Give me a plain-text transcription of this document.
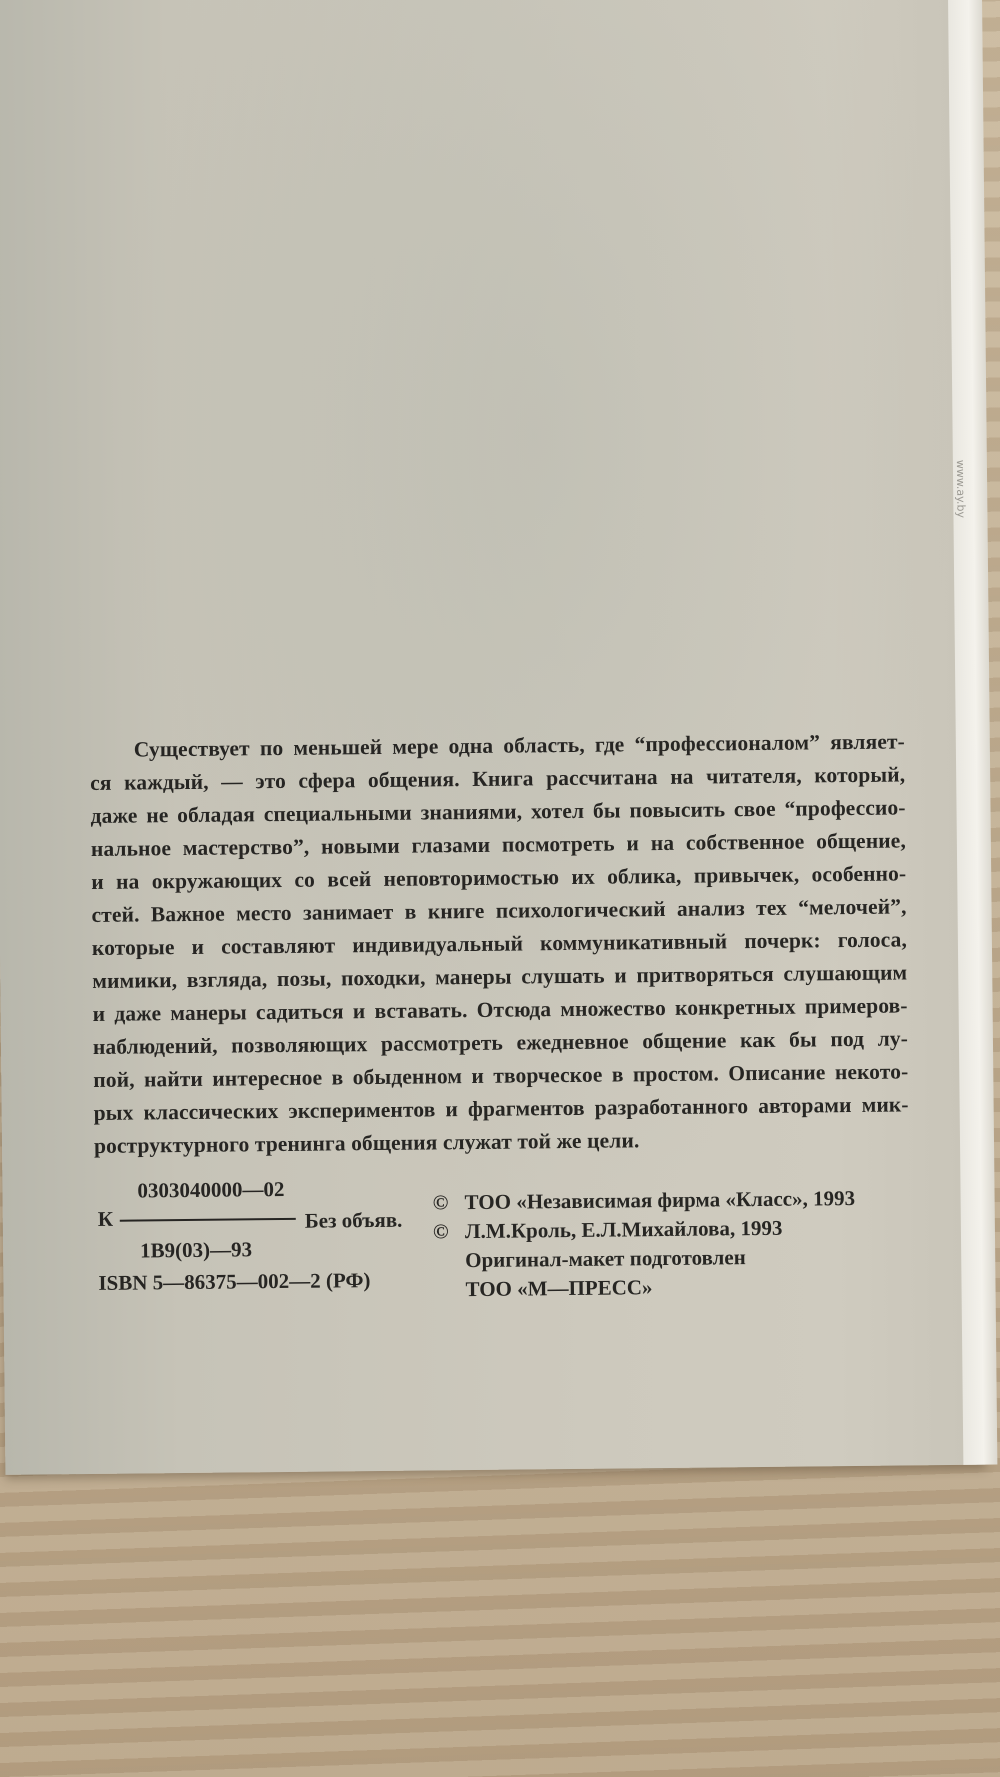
www.ay.by
Существует по меньшей мере одна область, где “профессионалом” являет-
ся каждый, — это сфера общения. Книга рассчитана на читателя, который,
даже не обладая специальными знаниями, хотел бы повысить свое “профессио-
нальное мастерство”, новыми глазами посмотреть и на собственное общение,
и на окружающих со всей неповторимостью их облика, привычек, особенно-
стей. Важное место занимает в книге психологический анализ тех “мелочей”,
которые и составляют индивидуальный коммуникативный почерк: голоса,
мимики, взгляда, позы, походки, манеры слушать и притворяться слушающим
и даже манеры садиться и вставать. Отсюда множество конкретных примеров-
наблюдений, позволяющих рассмотреть ежедневное общение как бы под лу-
пой, найти интересное в обыденном и творческое в простом. Описание некото-
рых классических экспериментов и фрагментов разработанного авторами мик-
роструктурного тренинга общения служат той же цели.
0303040000—02
К	Без объяв.
1В9(03)—93
ISBN 5—86375—002—2 (РФ)
© ТОО «Независимая фирма «Класс», 1993
© Л.М.Кроль, Е.Л.Михайлова, 1993
Оригинал-макет подготовлен
ТОО «М—ПРЕСС»
